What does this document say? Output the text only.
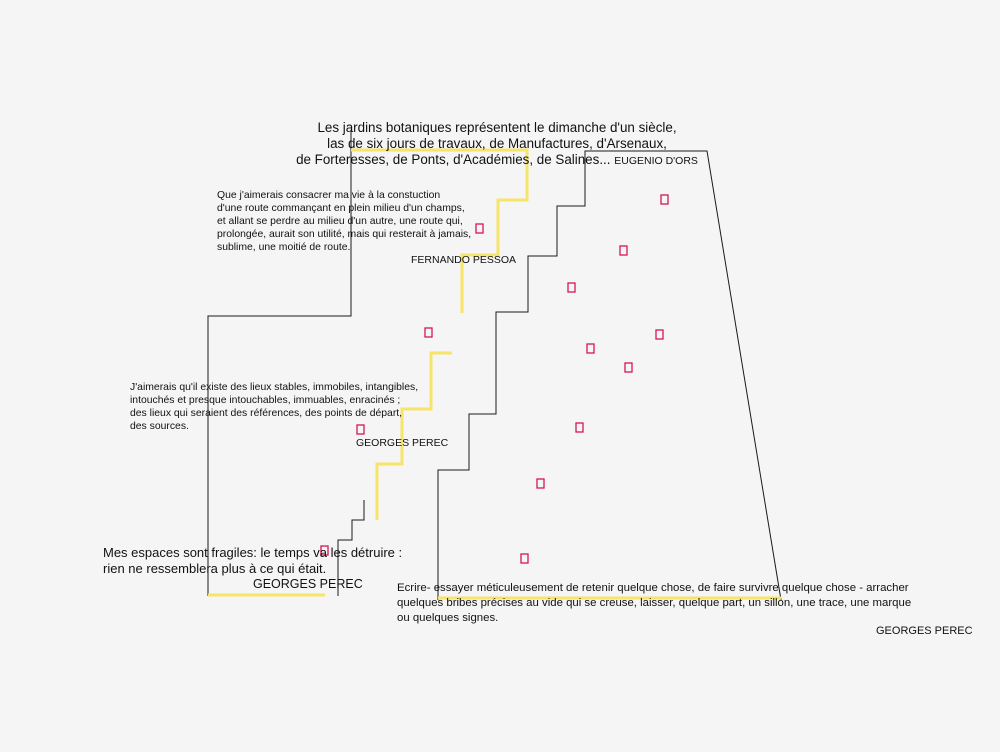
Les jardins botaniques représentent le dimanche d'un siècle,
las de six jours de travaux, de Manufactures, d'Arsenaux,
de Forteresses, de Ponts, d'Académies, de Salines... EUGENIO D'ORS
Que j'aimerais consacrer ma vie à la constuction
d'une route commançant en plein milieu d'un champs,
et allant se perdre au milieu d'un autre, une route qui,
prolongée, aurait son utilité, mais qui resterait à jamais,
sublime, une moitié de route.
FERNANDO PESSOA
J'aimerais qu'il existe des lieux stables, immobiles, intangibles,
intouchés et presque intouchables, immuables, enracinés ;
des lieux qui seraient des références, des points de départ,
des sources.
GEORGES PEREC
Mes espaces sont fragiles: le temps va les détruire :
rien ne ressemblera plus à ce qui était.
GEORGES PEREC	Ecrire- essayer méticuleusement de retenir quelque chose, de faire survivre quelque chose - arracher
quelques bribes précises au vide qui se creuse, laisser, quelque part, un sillon, une trace, une marque
ou quelques signes.
GEORGES PEREC
